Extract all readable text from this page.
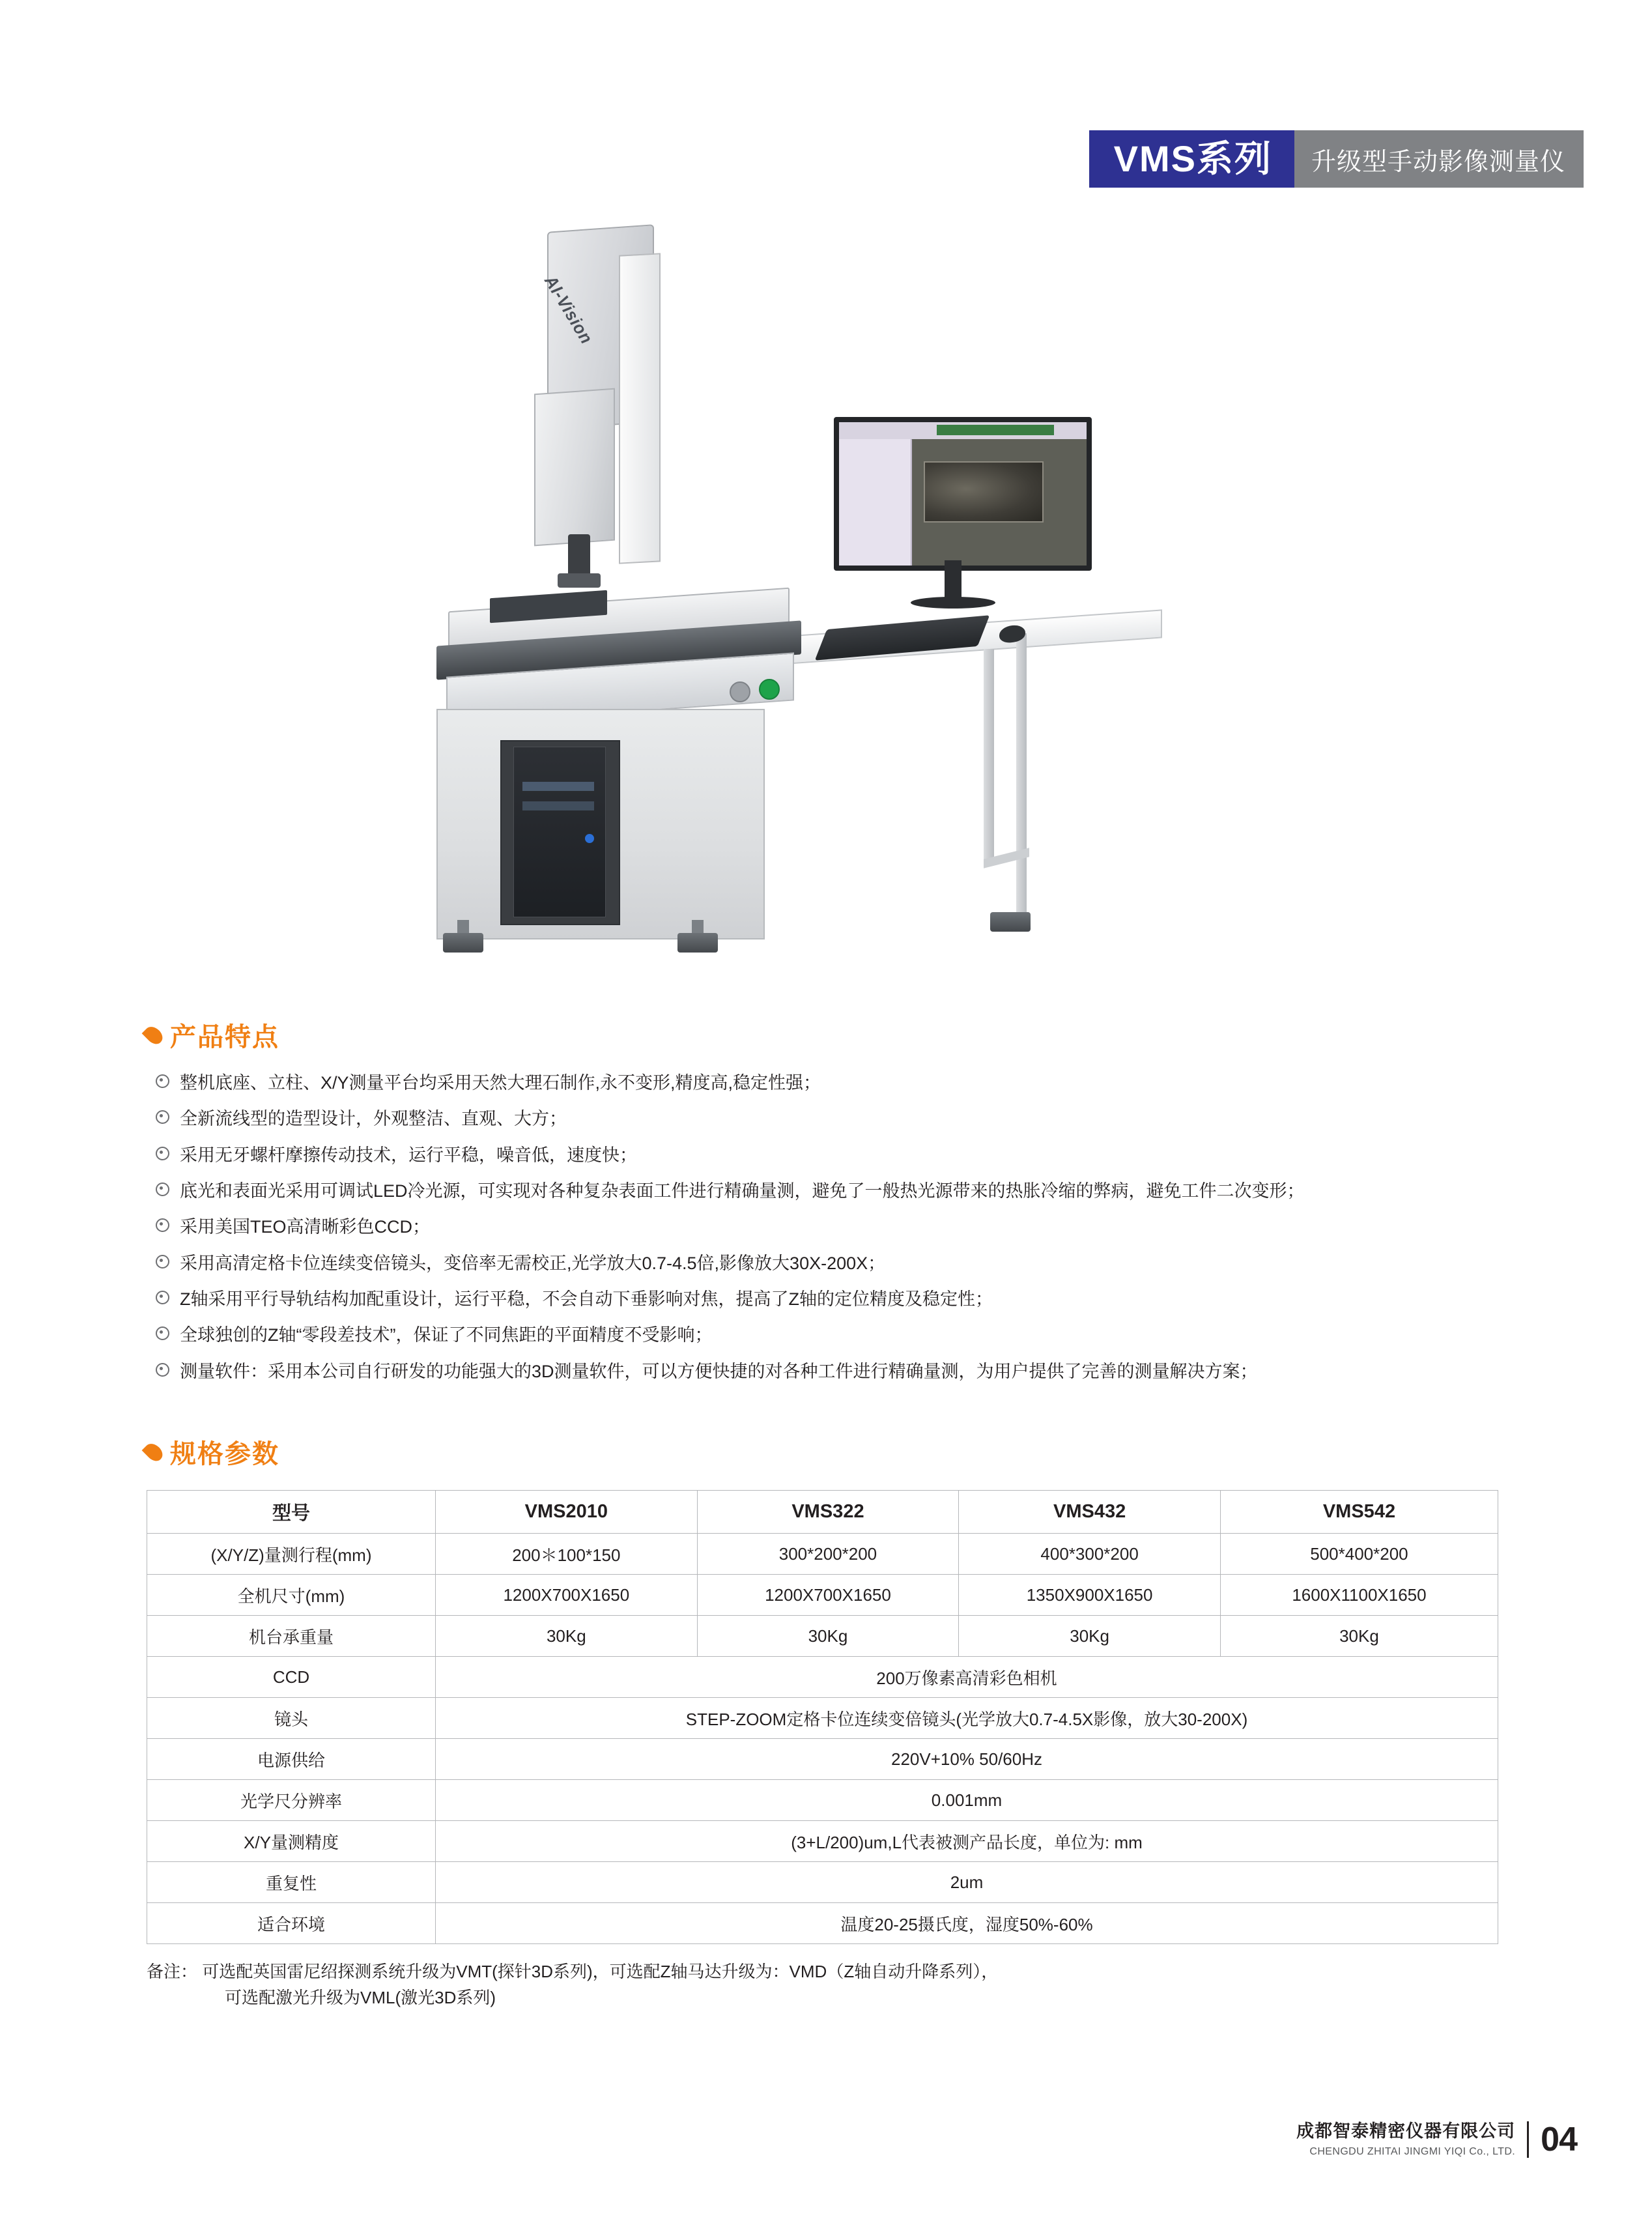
VMS系列	升级型手动影像测量仪
AI-Vision
产品特点
整机底座、立柱、X/Y测量平台均采用天然大理石制作,永不变形,精度高,稳定性强；
全新流线型的造型设计，外观整洁、直观、大方；
采用无牙螺杆摩擦传动技术，运行平稳，噪音低，速度快；
底光和表面光采用可调试LED冷光源，可实现对各种复杂表面工件进行精确量测，避免了一般热光源带来的热胀冷缩的弊病，避免工件二次变形；
采用美国TEO高清晰彩色CCD；
采用高清定格卡位连续变倍镜头，变倍率无需校正,光学放大0.7-4.5倍,影像放大30X-200X；
Z轴采用平行导轨结构加配重设计，运行平稳，不会自动下垂影响对焦，提高了Z轴的定位精度及稳定性；
全球独创的Z轴“零段差技术”，保证了不同焦距的平面精度不受影响；
测量软件：采用本公司自行研发的功能强大的3D测量软件，可以方便快捷的对各种工件进行精确量测，为用户提供了完善的测量解决方案；
规格参数
型号	VMS2010	VMS322	VMS432	VMS542
(X/Y/Z)量测行程(mm)	200＊100*150	300*200*200	400*300*200	500*400*200
全机尺寸(mm)	1200X700X1650	1200X700X1650	1350X900X1650	1600X1100X1650
机台承重量	30Kg	30Kg	30Kg	30Kg
CCD	200万像素高清彩色相机			
镜头	STEP-ZOOM定格卡位连续变倍镜头(光学放大0.7-4.5X影像，放大30-200X)			
电源供给	220V+10% 50/60Hz			
光学尺分辨率	0.001mm			
X/Y量测精度	(3+L/200)um,L代表被测产品长度，单位为: mm			
重复性	2um			
适合环境	温度20-25摄氏度，湿度50%-60%			
备注： 可选配英国雷尼绍探测系统升级为VMT(探针3D系列)，可选配Z轴马达升级为：VMD（Z轴自动升降系列），
可选配激光升级为VML(激光3D系列)
成都智泰精密仪器有限公司
CHENGDU ZHITAI JINGMI YIQI Co., LTD. 04
